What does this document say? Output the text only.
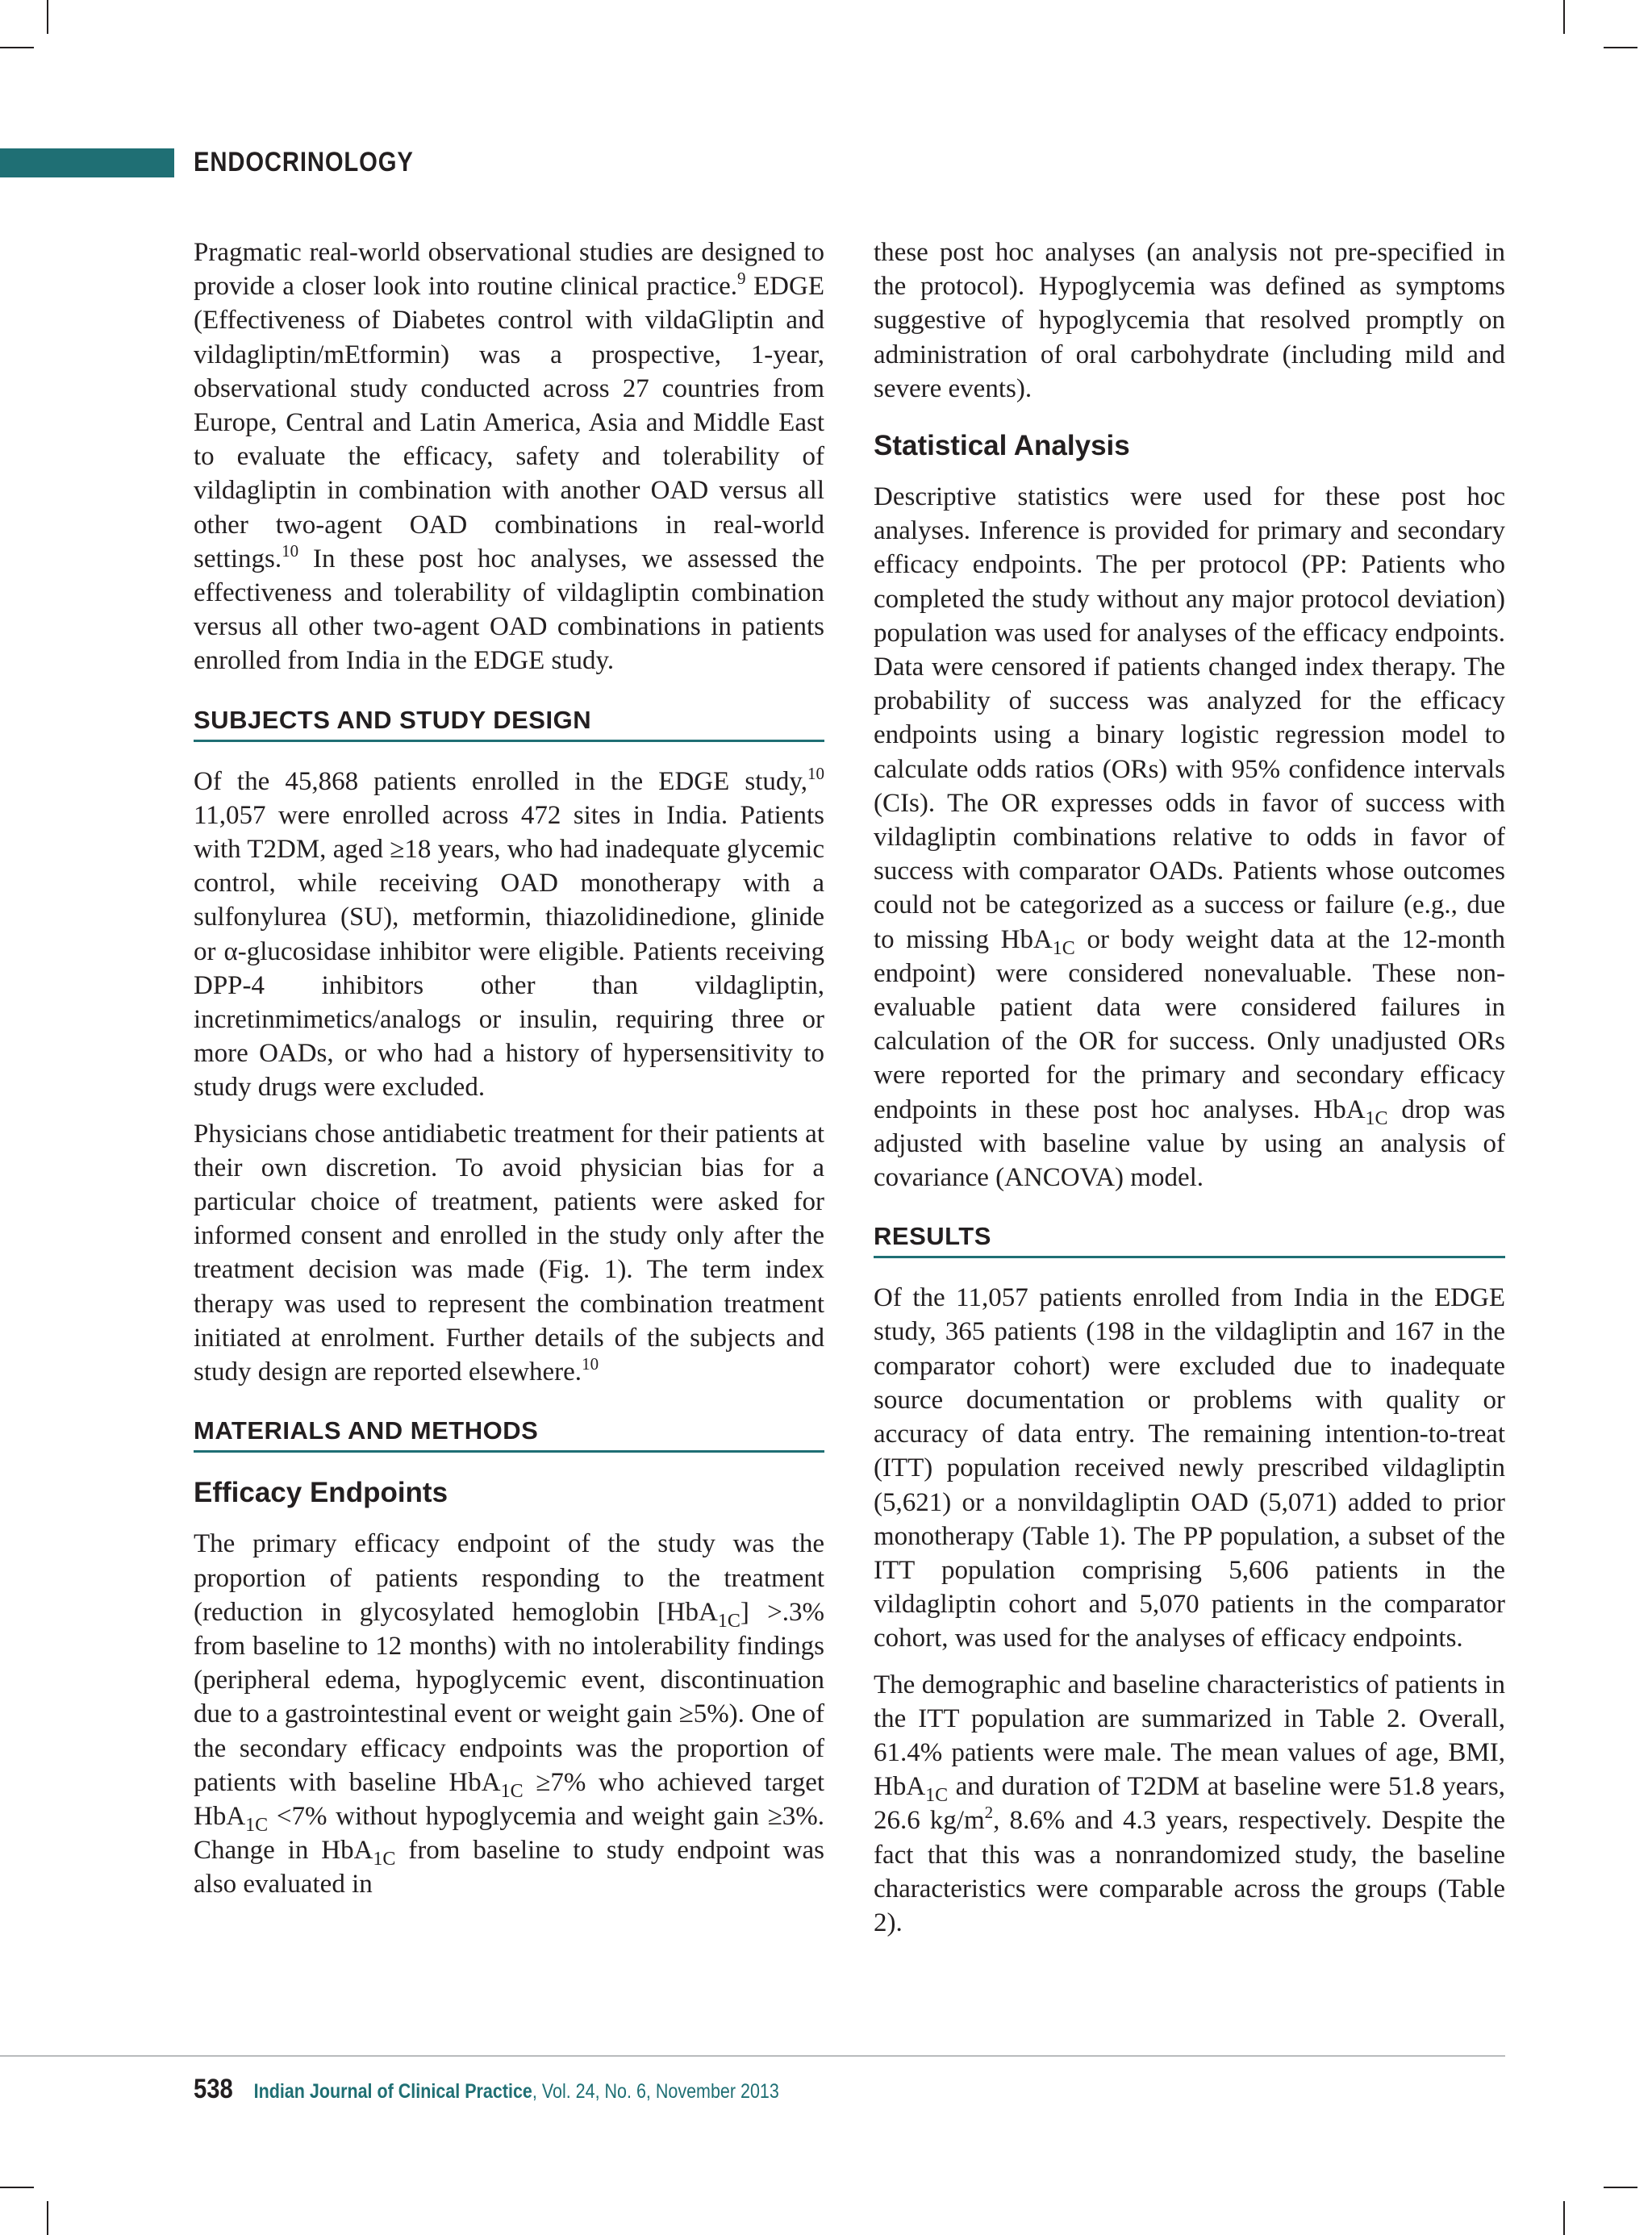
ENDOCRINOLOGY

Pragmatic real-world observational studies are designed to provide a closer look into routine clinical practice.$^9$ EDGE (Effectiveness of Diabetes control with vildaGliptin and vildagliptin/mEtformin) was a prospective, 1-year, observational study conducted across 27 countries from Europe, Central and Latin America, Asia and Middle East to evaluate the efficacy, safety and tolerability of vildagliptin in combination with another OAD versus all other two-agent OAD combinations in real-world settings.$^{10}$ In these post hoc analyses, we assessed the effectiveness and tolerability of vildagliptin combination versus all other two-agent OAD combinations in patients enrolled from India in the EDGE study.

SUBJECTS AND STUDY DESIGN

Of the 45,868 patients enrolled in the EDGE study,$^{10}$ 11,057 were enrolled across 472 sites in India. Patients with T2DM, aged ≥18 years, who had inadequate glycemic control, while receiving OAD monotherapy with a sulfonylurea (SU), metformin, thiazolidinedione, glinide or α-glucosidase inhibitor were eligible. Patients receiving DPP-4 inhibitors other than vildagliptin, incretinmimetics/analogs or insulin, requiring three or more OADs, or who had a history of hypersensitivity to study drugs were excluded.

Physicians chose antidiabetic treatment for their patients at their own discretion. To avoid physician bias for a particular choice of treatment, patients were asked for informed consent and enrolled in the study only after the treatment decision was made (Fig. 1). The term index therapy was used to represent the combination treatment initiated at enrolment. Further details of the subjects and study design are reported elsewhere.$^{10}$

MATERIALS AND METHODS
Efficacy Endpoints

The primary efficacy endpoint of the study was the proportion of patients responding to the treatment (reduction in glycosylated hemoglobin [HbA$_{1C}$] >.3% from baseline to 12 months) with no intolerability findings (peripheral edema, hypoglycemic event, discontinuation due to a gastrointestinal event or weight gain ≥5%). One of the secondary efficacy endpoints was the proportion of patients with baseline HbA$_{1C}$ ≥7% who achieved target HbA$_{1C}$ <7% without hypoglycemia and weight gain ≥3%. Change in HbA$_{1C}$ from baseline to study endpoint was also evaluated in

these post hoc analyses (an analysis not pre-specified in the protocol). Hypoglycemia was defined as symptoms suggestive of hypoglycemia that resolved promptly on administration of oral carbohydrate (including mild and severe events).

Statistical Analysis

Descriptive statistics were used for these post hoc analyses. Inference is provided for primary and secondary efficacy endpoints. The per protocol (PP: Patients who completed the study without any major protocol deviation) population was used for analyses of the efficacy endpoints. Data were censored if patients changed index therapy. The probability of success was analyzed for the efficacy endpoints using a binary logistic regression model to calculate odds ratios (ORs) with 95% confidence intervals (CIs). The OR expresses odds in favor of success with vildagliptin combinations relative to odds in favor of success with comparator OADs. Patients whose outcomes could not be categorized as a success or failure (e.g., due to missing HbA$_{1C}$ or body weight data at the 12-month endpoint) were considered nonevaluable. These non-evaluable patient data were considered failures in calculation of the OR for success. Only unadjusted ORs were reported for the primary and secondary efficacy endpoints in these post hoc analyses. HbA$_{1C}$ drop was adjusted with baseline value by using an analysis of covariance (ANCOVA) model.

RESULTS

Of the 11,057 patients enrolled from India in the EDGE study, 365 patients (198 in the vildagliptin and 167 in the comparator cohort) were excluded due to inadequate source documentation or problems with quality or accuracy of data entry. The remaining intention-to-treat (ITT) population received newly prescribed vildagliptin (5,621) or a nonvildagliptin OAD (5,071) added to prior monotherapy (Table 1). The PP population, a subset of the ITT population comprising 5,606 patients in the vildagliptin cohort and 5,070 patients in the comparator cohort, was used for the analyses of efficacy endpoints.

The demographic and baseline characteristics of patients in the ITT population are summarized in Table 2. Overall, 61.4% patients were male. The mean values of age, BMI, HbA$_{1C}$ and duration of T2DM at baseline were 51.8 years, 26.6 $kg/m^2$, 8.6% and 4.3 years, respectively. Despite the fact that this was a nonrandomized study, the baseline characteristics were comparable across the groups (Table 2).

538 Indian Journal of Clinical Practice, Vol. 24, No. 6, November 2013
